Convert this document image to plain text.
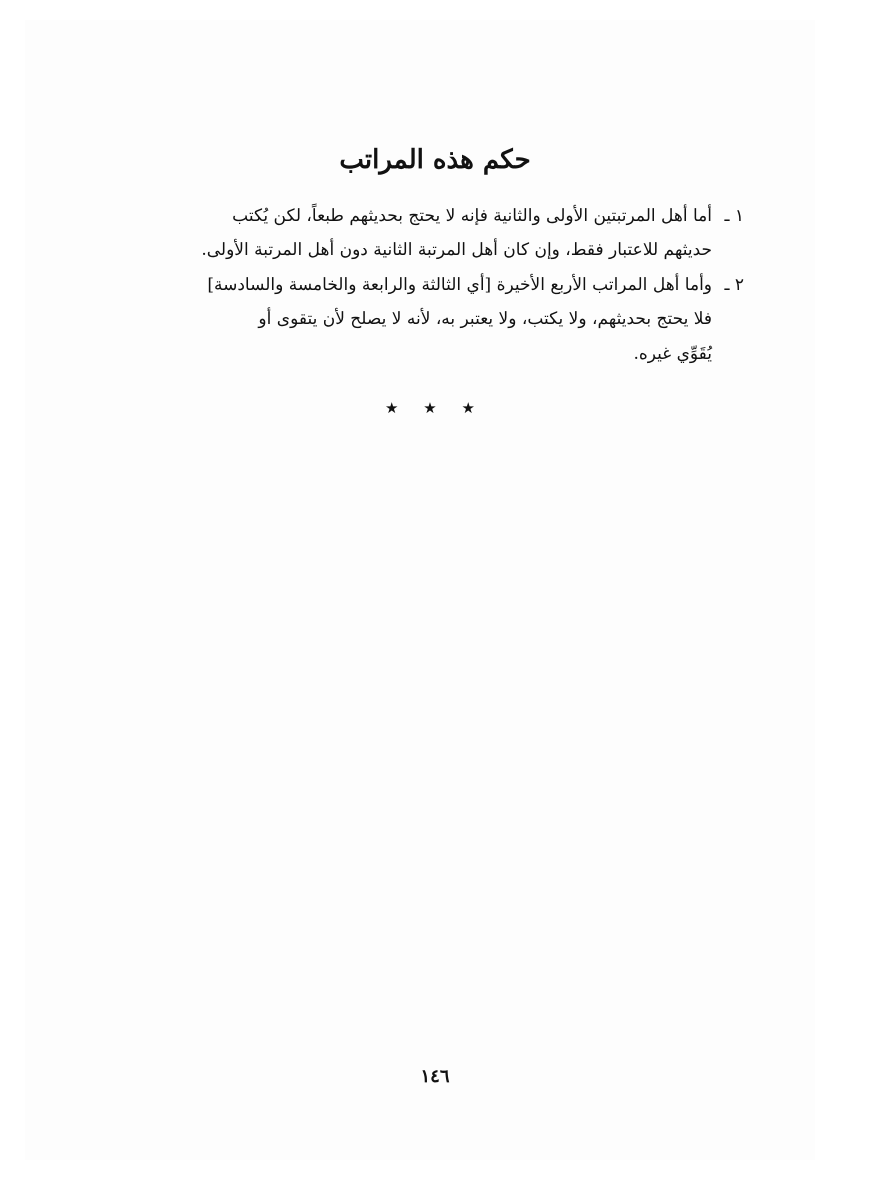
حكم هذه المراتب

١ ـأما أهل المرتبتين الأولى والثانية فإنه لا يحتج بحديثهم طبعاً، لكن يُكتب

حديثهم للاعتبار فقط، وإن كان أهل المرتبة الثانية دون أهل المرتبة الأولى.

٢ ـوأما أهل المراتب الأربع الأخيرة [أي الثالثة والرابعة والخامسة والسادسة]

فلا يحتج بحديثهم، ولا يكتب، ولا يعتبر به، لأنه لا يصلح لأن يتقوى أو

يُقَوِّي غيره.

★ ★ ★
١٤٦
